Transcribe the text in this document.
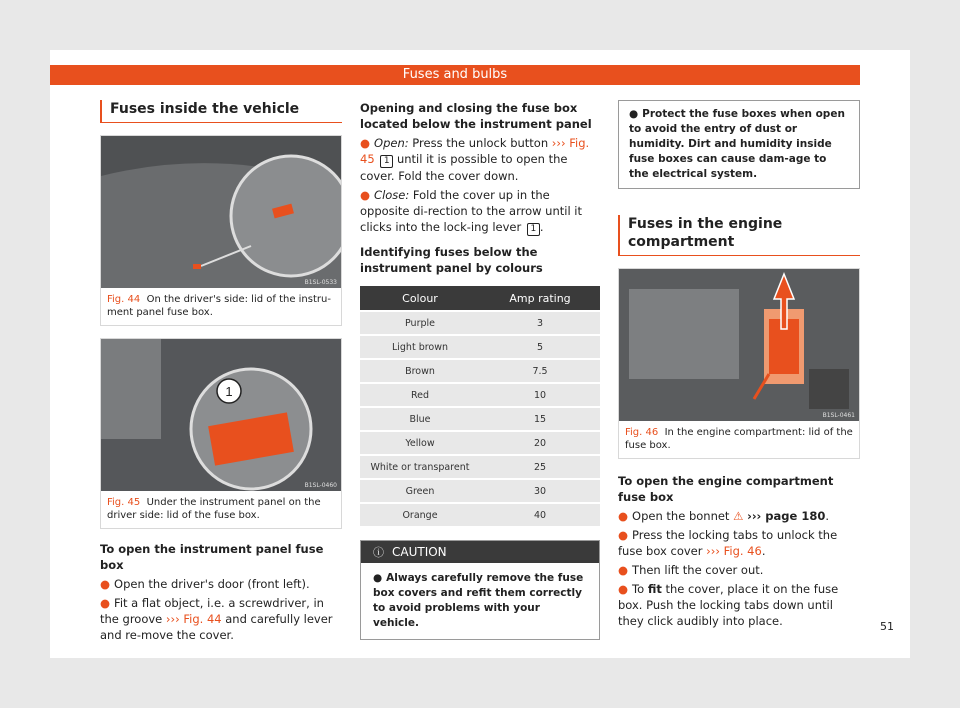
Fuses and bulbs
Fuses inside the vehicle
B1SL-0533
Fig. 44 On the driver's side: lid of the instru-ment panel fuse box.
1
B1SL-0460
Fig. 45 Under the instrument panel on the driver side: lid of the fuse box.
To open the instrument panel fuse box
● Open the driver's door (front left).
● Fit a flat object, i.e. a screwdriver, in the groove ››› Fig. 44 and carefully lever and re-move the cover.
Opening and closing the fuse box located below the instrument panel
● Open: Press the unlock button ››› Fig. 45 1 until it is possible to open the cover. Fold the cover down.
● Close: Fold the cover up in the opposite di-rection to the arrow until it clicks into the lock-ing lever 1 .
Identifying fuses below the instrument panel by colours
Colour	Amp rating
Purple	3
Light brown	5
Brown	7.5
Red	10
Blue	15
Yellow	20
White or transparent	25
Green	30
Orange	40
ⓘ CAUTION
● Always carefully remove the fuse box covers and refit them correctly to avoid problems with your vehicle.
● Protect the fuse boxes when open to avoid the entry of dust or humidity. Dirt and humidity inside fuse boxes can cause dam-age to the electrical system.
Fuses in the engine compartment
B1SL-0461
Fig. 46 In the engine compartment: lid of the fuse box.
To open the engine compartment fuse box
● Open the bonnet ⚠ ››› page 180.
● Press the locking tabs to unlock the fuse box cover ››› Fig. 46.
● Then lift the cover out.
● To fit the cover, place it on the fuse box. Push the locking tabs down until they click audibly into place.	51
